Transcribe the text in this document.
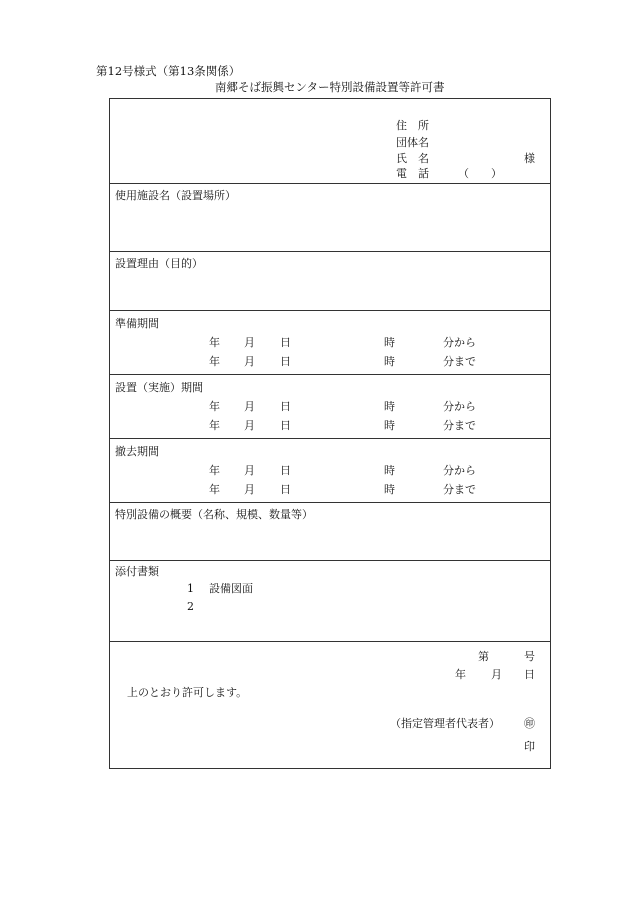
第12号様式（第13条関係）
南郷そば振興センター特別設備設置等許可書
住　所
団体名
氏　名	様
電　話	（　　）
使用施設名（設置場所）
設置理由（目的）
準備期間
年 月 日	時	分から
年 月 日	時	分まで
設置（実施）期間
年 月 日	時	分から
年 月 日	時	分まで
撤去期間
年 月 日	時	分から
年 月 日	時	分まで
特別設備の概要（名称、規模、数量等）
添付書類
1 設備図面
2
第	号
年 月 日
上のとおり許可します。
（指定管理者代表者） ㊞
印
